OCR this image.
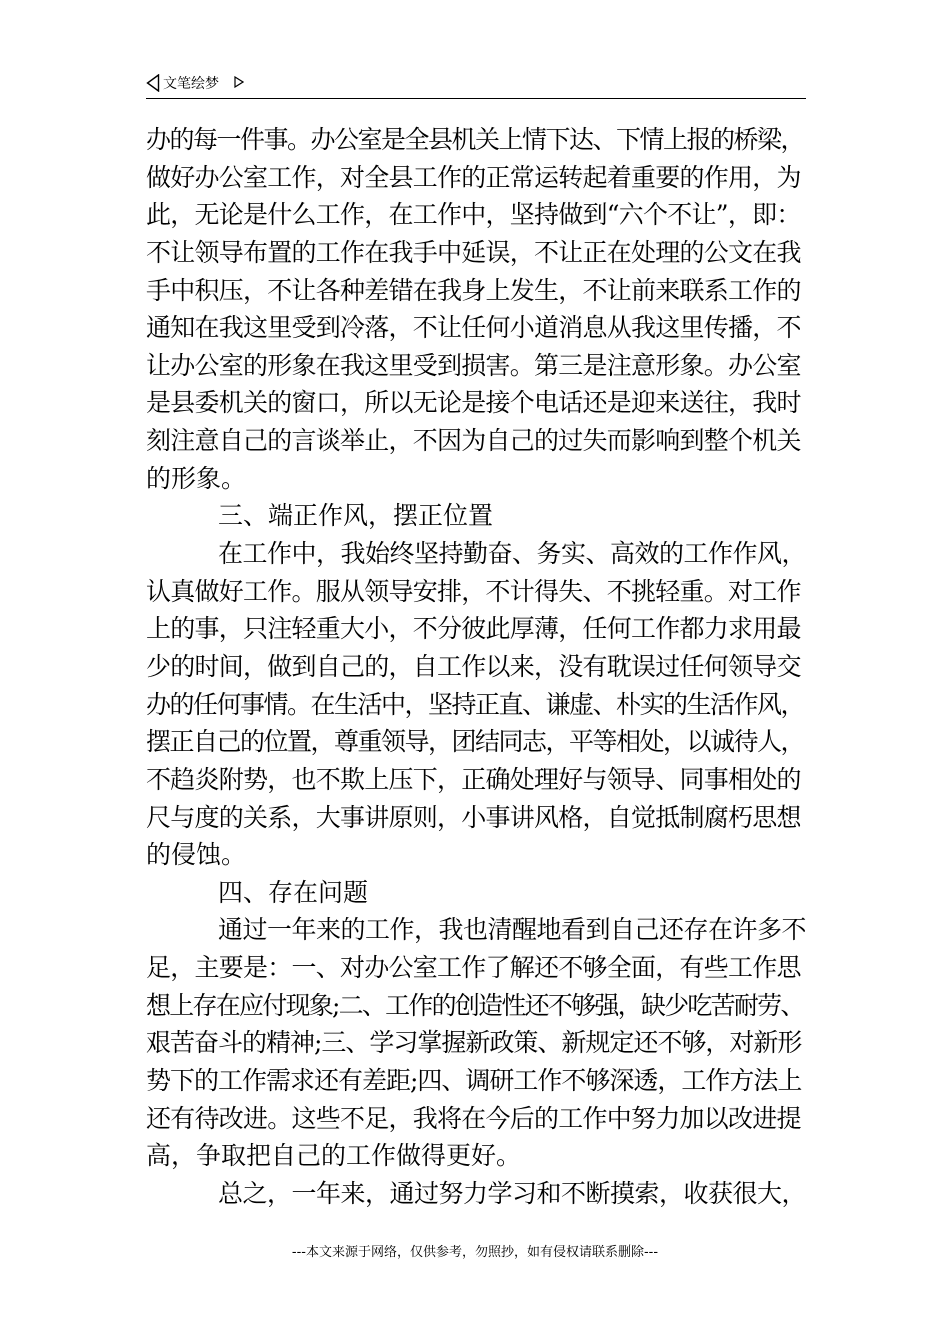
文笔绘梦
办的每一件事。办公室是全县机关上情下达、下情上报的桥梁，
做好办公室工作，对全县工作的正常运转起着重要的作用，为
此，无论是什么工作，在工作中，坚持做到“六个不让”，即：
不让领导布置的工作在我手中延误，不让正在处理的公文在我
手中积压，不让各种差错在我身上发生，不让前来联系工作的
通知在我这里受到冷落，不让任何小道消息从我这里传播，不
让办公室的形象在我这里受到损害。第三是注意形象。办公室
是县委机关的窗口，所以无论是接个电话还是迎来送往，我时
刻注意自己的言谈举止，不因为自己的过失而影响到整个机关
的形象。
三、端正作风，摆正位置
在工作中，我始终坚持勤奋、务实、高效的工作作风，
认真做好工作。服从领导安排，不计得失、不挑轻重。对工作
上的事，只注轻重大小，不分彼此厚薄，任何工作都力求用最
少的时间，做到自己的，自工作以来，没有耽误过任何领导交
办的任何事情。在生活中，坚持正直、谦虚、朴实的生活作风，
摆正自己的位置，尊重领导，团结同志，平等相处，以诚待人，
不趋炎附势，也不欺上压下，正确处理好与领导、同事相处的
尺与度的关系，大事讲原则，小事讲风格，自觉抵制腐朽思想
的侵蚀。
四、存在问题
通过一年来的工作，我也清醒地看到自己还存在许多不
足，主要是：一、对办公室工作了解还不够全面，有些工作思
想上存在应付现象;二、工作的创造性还不够强，缺少吃苦耐劳、
艰苦奋斗的精神;三、学习掌握新政策、新规定还不够，对新形
势下的工作需求还有差距;四、调研工作不够深透，工作方法上
还有待改进。这些不足，我将在今后的工作中努力加以改进提
高，争取把自己的工作做得更好。
总之，一年来，通过努力学习和不断摸索，收获很大，
---本文来源于网络，仅供参考，勿照抄，如有侵权请联系删除---
